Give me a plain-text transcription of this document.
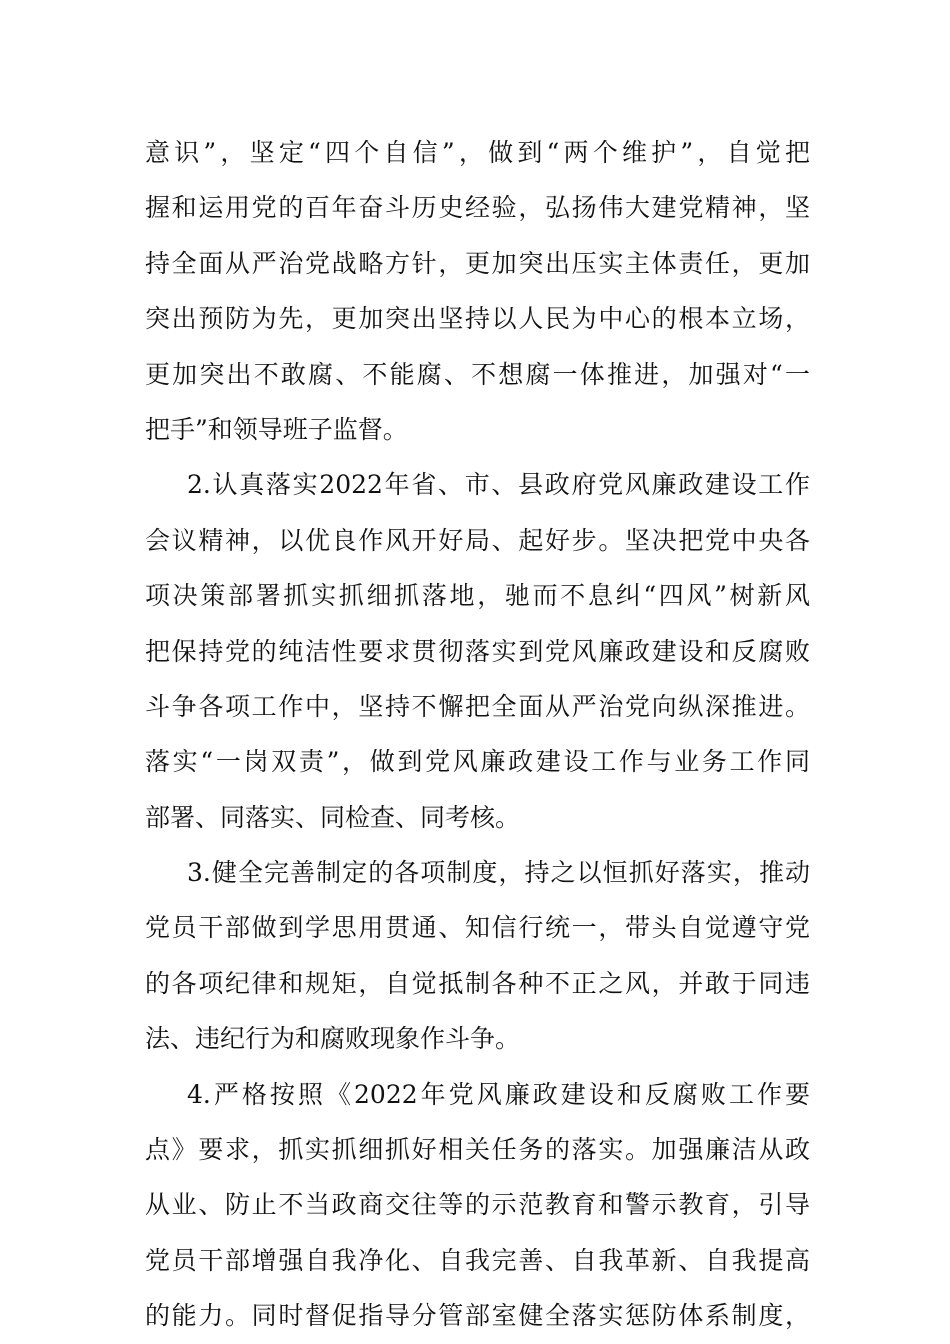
意识”，坚定“四个自信”，做到“两个维护”，自觉把
握和运用党的百年奋斗历史经验，弘扬伟大建党精神，坚
持全面从严治党战略方针，更加突出压实主体责任，更加
突出预防为先，更加突出坚持以人民为中心的根本立场，
更加突出不敢腐、不能腐、不想腐一体推进，加强对“一
把手”和领导班子监督。
2.认真落实2022年省、市、县政府党风廉政建设工作
会议精神，以优良作风开好局、起好步。坚决把党中央各
项决策部署抓实抓细抓落地，驰而不息纠“四风”树新风
把保持党的纯洁性要求贯彻落实到党风廉政建设和反腐败
斗争各项工作中，坚持不懈把全面从严治党向纵深推进。
落实“一岗双责”，做到党风廉政建设工作与业务工作同
部署、同落实、同检查、同考核。
3.健全完善制定的各项制度，持之以恒抓好落实，推动
党员干部做到学思用贯通、知信行统一，带头自觉遵守党
的各项纪律和规矩，自觉抵制各种不正之风，并敢于同违
法、违纪行为和腐败现象作斗争。
4.严格按照《2022年党风廉政建设和反腐败工作要
点》要求，抓实抓细抓好相关任务的落实。加强廉洁从政
从业、防止不当政商交往等的示范教育和警示教育，引导
党员干部增强自我净化、自我完善、自我革新、自我提高
的能力。同时督促指导分管部室健全落实惩防体系制度，
